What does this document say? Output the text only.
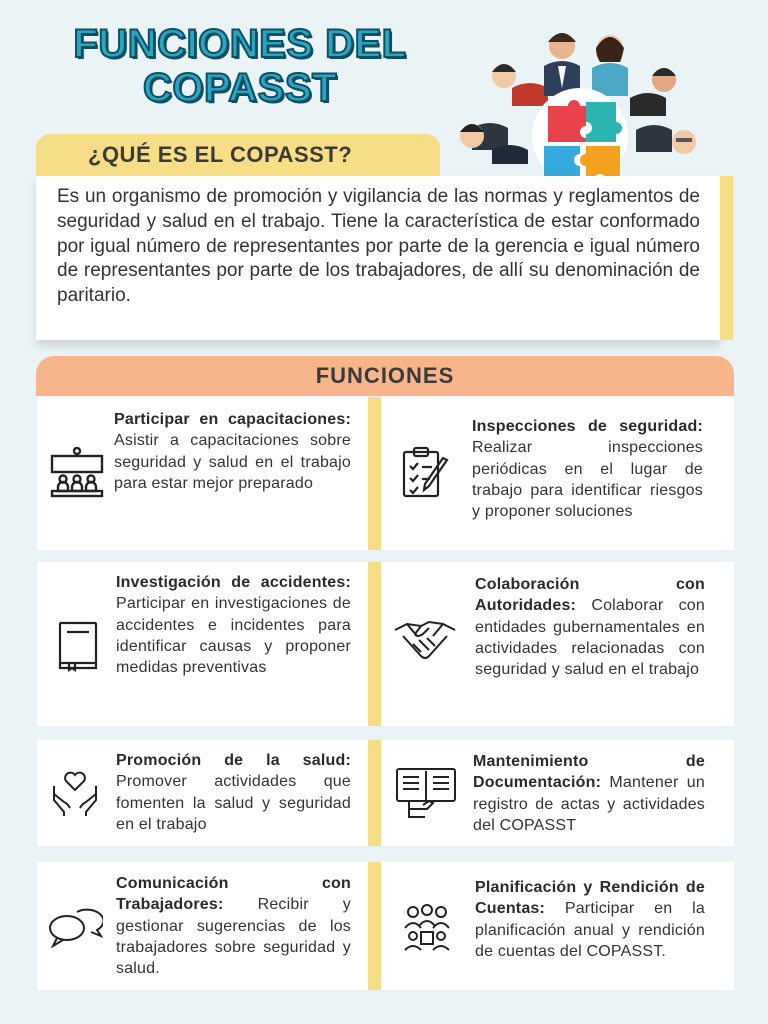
FUNCIONES DEL
COPASST
¿QUÉ ES EL COPASST?

Es un organismo de promoción y vigilancia de las normas y reglamentos de seguridad y salud en el trabajo. Tiene la característica de estar conformado por igual número de representantes por parte de la gerencia e igual número de representantes por parte de los trabajadores, de allí su denominación de paritario.

FUNCIONES
Participar en capacitaciones: Asistir a capacitaciones sobre seguridad y salud en el trabajo para estar mejor preparado
Inspecciones de seguridad: Realizar inspecciones periódicas en el lugar de trabajo para identificar riesgos y proponer soluciones
Investigación de accidentes: Participar en investigaciones de accidentes e incidentes para identificar causas y proponer medidas preventivas
Colaboración con Autoridades: Colaborar con entidades gubernamentales en actividades relacionadas con seguridad y salud en el trabajo
Promoción de la salud: Promover actividades que fomenten la salud y seguridad en el trabajo
Mantenimiento de Documentación: Mantener un registro de actas y actividades del COPASST
Comunicación con Trabajadores: Recibir y gestionar sugerencias de los trabajadores sobre seguridad y salud.
Planificación y Rendición de Cuentas: Participar en la planificación anual y rendición de cuentas del COPASST.
